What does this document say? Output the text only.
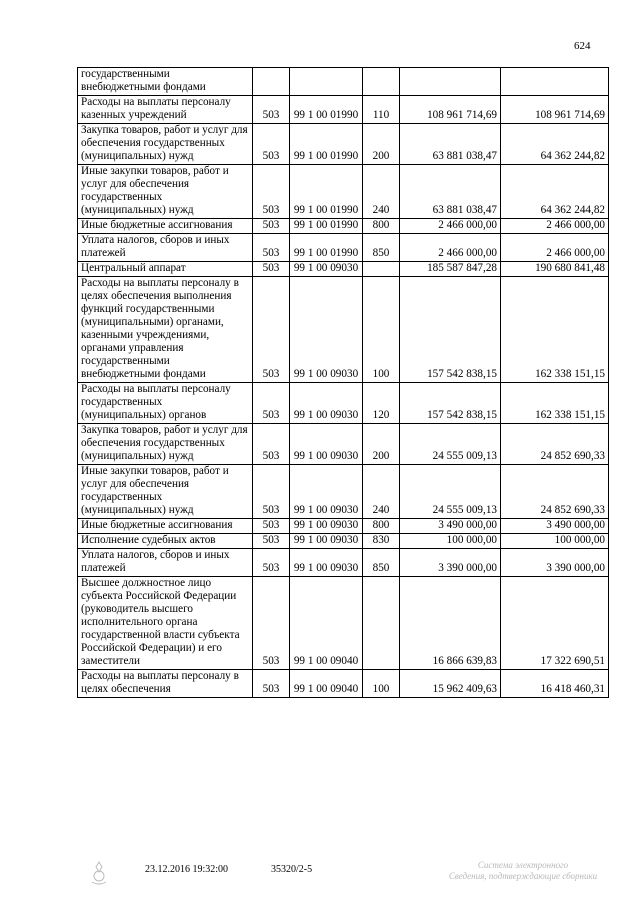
624
государственными внебюджетными фондами					
Расходы на выплаты персоналу казенных учреждений	503	99 1 00 01990	110	108 961 714,69	108 961 714,69
Закупка товаров, работ и услуг для обеспечения государственных (муниципальных) нужд	503	99 1 00 01990	200	63 881 038,47	64 362 244,82
Иные закупки товаров, работ и услуг для обеспечения государственных (муниципальных) нужд	503	99 1 00 01990	240	63 881 038,47	64 362 244,82
Иные бюджетные ассигнования	503	99 1 00 01990	800	2 466 000,00	2 466 000,00
Уплата налогов, сборов и иных платежей	503	99 1 00 01990	850	2 466 000,00	2 466 000,00
Центральный аппарат	503	99 1 00 09030		185 587 847,28	190 680 841,48
Расходы на выплаты персоналу в целях обеспечения выполнения функций государственными (муниципальными) органами, казенными учреждениями, органами управления государственными внебюджетными фондами	503	99 1 00 09030	100	157 542 838,15	162 338 151,15
Расходы на выплаты персоналу государственных (муниципальных) органов	503	99 1 00 09030	120	157 542 838,15	162 338 151,15
Закупка товаров, работ и услуг для обеспечения государственных (муниципальных) нужд	503	99 1 00 09030	200	24 555 009,13	24 852 690,33
Иные закупки товаров, работ и услуг для обеспечения государственных (муниципальных) нужд	503	99 1 00 09030	240	24 555 009,13	24 852 690,33
Иные бюджетные ассигнования	503	99 1 00 09030	800	3 490 000,00	3 490 000,00
Исполнение судебных актов	503	99 1 00 09030	830	100 000,00	100 000,00
Уплата налогов, сборов и иных платежей	503	99 1 00 09030	850	3 390 000,00	3 390 000,00
Высшее должностное лицо субъекта Российской Федерации (руководитель высшего исполнительного органа государственной власти субъекта Российской Федерации) и его заместители	503	99 1 00 09040		16 866 639,83	17 322 690,51
Расходы на выплаты персоналу в целях обеспечения	503	99 1 00 09040	100	15 962 409,63	16 418 460,31
23.12.2016 19:32:00	35320/2-5	Система электронного
Сведения, подтверждающие сборники
